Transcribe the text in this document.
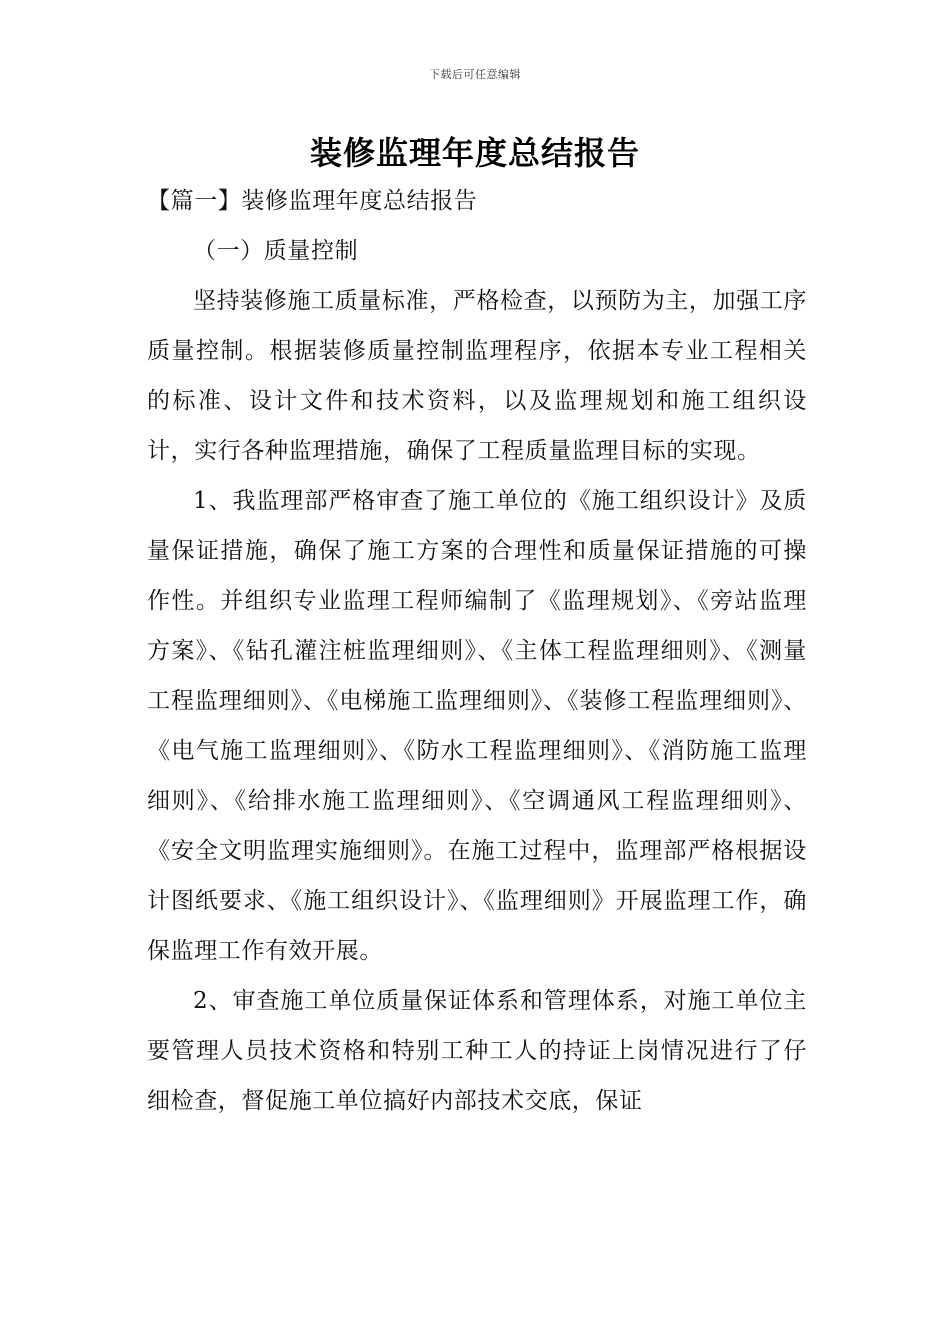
下载后可任意编辑
装修监理年度总结报告

【篇一】装修监理年度总结报告

（一）质量控制

坚持装修施工质量标准，严格检查，以预防为主，加强工序质量控制。根据装修质量控制监理程序，依据本专业工程相关的标准、设计文件和技术资料，以及监理规划和施工组织设计，实行各种监理措施，确保了工程质量监理目标的实现。

1、我监理部严格审查了施工单位的《施工组织设计》及质量保证措施，确保了施工方案的合理性和质量保证措施的可操作性。并组织专业监理工程师编制了《监理规划》、《旁站监理方案》、《钻孔灌注桩监理细则》、《主体工程监理细则》、《测量工程监理细则》、《电梯施工监理细则》、《装修工程监理细则》、《电气施工监理细则》、《防水工程监理细则》、《消防施工监理细则》、《给排水施工监理细则》、《空调通风工程监理细则》、《安全文明监理实施细则》。在施工过程中，监理部严格根据设计图纸要求、《施工组织设计》、《监理细则》开展监理工作，确保监理工作有效开展。

2、审查施工单位质量保证体系和管理体系，对施工单位主要管理人员技术资格和特别工种工人的持证上岗情况进行了仔细检查，督促施工单位搞好内部技术交底，保证
